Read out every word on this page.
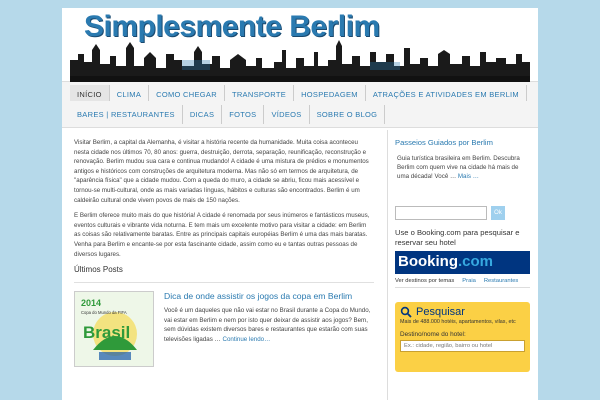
Simplesmente Berlim
INÍCIO	CLIMA	COMO CHEGAR	TRANSPORTE	HOSPEDAGEM	ATRAÇÕES E ATIVIDADES EM BERLIM
BARES | RESTAURANTES	DICAS	FOTOS	VÍDEOS	SOBRE O BLOG

Visitar Berlim, a capital da Alemanha, é visitar a história recente da humanidade. Muita coisa aconteceu nesta cidade nos últimos 70, 80 anos: guerra, destruição, derrota, separação, reunificação, reconstrução e renovação. Berlim mudou sua cara e continua mudando! A cidade é uma mistura de prédios e monumentos antigos e históricos com construções de arquitetura moderna. Mas não só em termos de arquitetura, de "aparência física" que a cidade mudou. Com a queda do muro, a cidade se abriu, ficou mais acessível e tornou-se multi-cultural, onde as mais variadas línguas, hábitos e culturas são encontrados. Berlim é um caldeirão cultural onde vivem povos de mais de 150 nações.

E Berlim oferece muito mais do que história! A cidade é renomada por seus inúmeros e fantásticos museus, eventos culturais e vibrante vida noturna. E tem mais um excelente motivo para visitar a cidade: em Berlim as coisas são relativamente baratas. Entre as principais capitais européias Berlim é uma das mais baratas. Venha para Berlim e encante-se por esta fascinante cidade, assim como eu e tantas outras pessoas de diversos lugares.

Últimos Posts
2014
Copa do Mundo da FIFA
Brasil
Dica de onde assistir os jogos da copa em Berlim
Você é um daqueles que não vai estar no Brasil durante a Copa do Mundo, vai estar em Berlim e nem por isto quer deixar de assistir aos jogos? Bem, sem dúvidas existem diversos bares e restaurantes que estarão com suas televisões ligadas … Continue lendo…
Passeios Guiados por Berlim
Guia turística brasileira em Berlim. Descubra Berlim com quem vive na cidade há mais de uma década! Você … Mais …
Ok
Use o Booking.com para pesquisar e reservar seu hotel
Booking.com
Ver destinos por temas Praia Restaurantes
Pesquisar
Mais de 488.000 hotéis, apartamentos, vilas, etc
Destino/nome do hotel:
Ex.: cidade, região, bairro ou hotel
